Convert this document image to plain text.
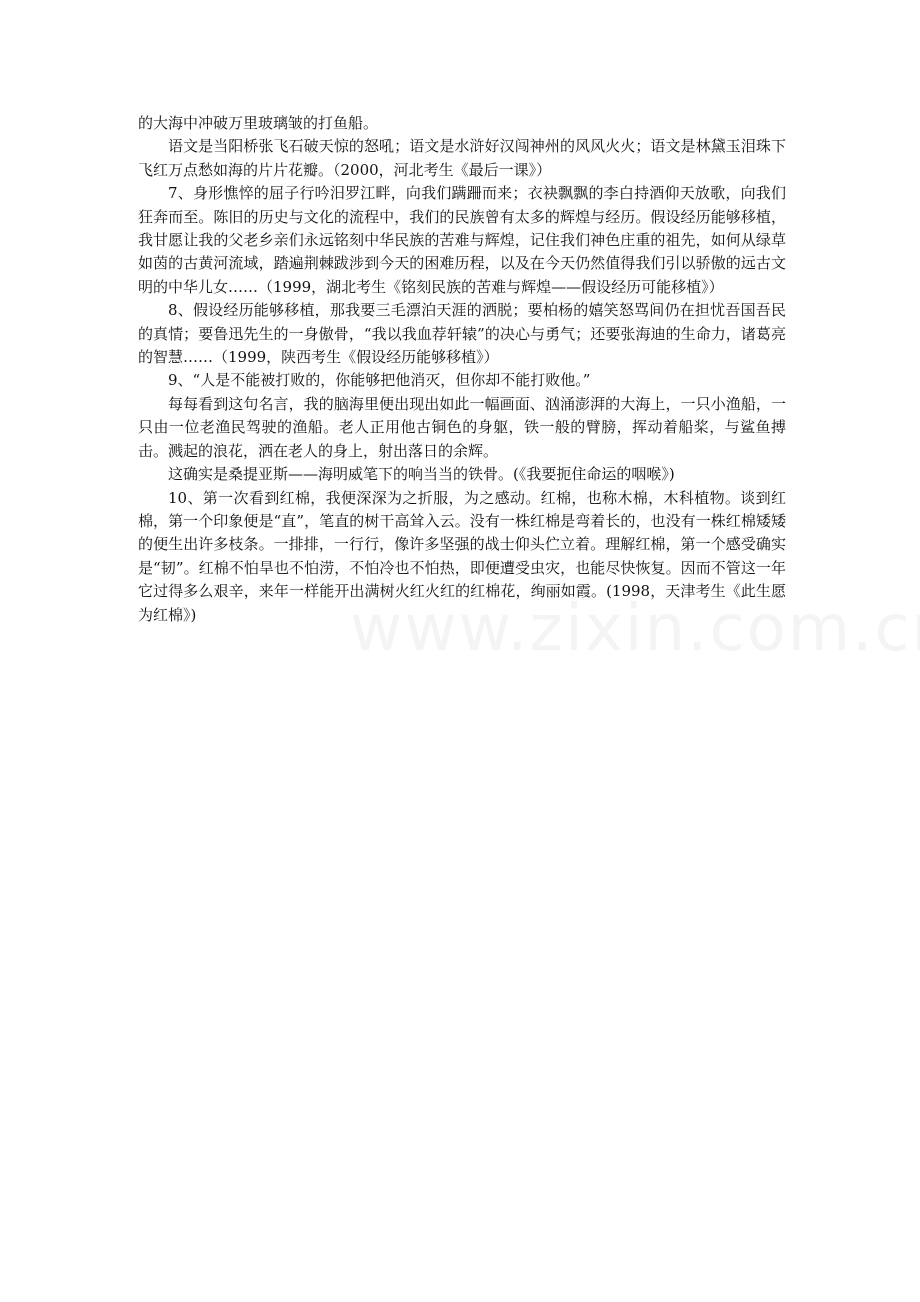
的大海中冲破万里玻璃皱的打鱼船。

语文是当阳桥张飞石破天惊的怒吼；语文是水浒好汉闯神州的风风火火；语文是林黛玉泪珠下飞红万点愁如海的片片花瓣。（2000，河北考生《最后一课》）

7、身形憔悴的屈子行吟汨罗江畔，向我们蹒跚而来；衣袂飘飘的李白持酒仰天放歌，向我们狂奔而至。陈旧的历史与文化的流程中，我们的民族曾有太多的辉煌与经历。假设经历能够移植，我甘愿让我的父老乡亲们永远铭刻中华民族的苦难与辉煌，记住我们神色庄重的祖先，如何从绿草如茵的古黄河流域，踏遍荆棘跋涉到今天的困难历程，以及在今天仍然值得我们引以骄傲的远古文明的中华儿女……（1999，湖北考生《铭刻民族的苦难与辉煌——假设经历可能移植》）

8、假设经历能够移植，那我要三毛漂泊天涯的洒脱；要柏杨的嬉笑怒骂间仍在担忧吾国吾民的真情；要鲁迅先生的一身傲骨，“我以我血荐轩辕”的决心与勇气；还要张海迪的生命力，诸葛亮的智慧……（1999，陕西考生《假设经历能够移植》）

9、“人是不能被打败的，你能够把他消灭，但你却不能打败他。”

每每看到这句名言，我的脑海里便出现出如此一幅画面、汹涌澎湃的大海上，一只小渔船，一只由一位老渔民驾驶的渔船。老人正用他古铜色的身躯，铁一般的臂膀，挥动着船桨，与鲨鱼搏击。溅起的浪花，洒在老人的身上，射出落日的余辉。

这确实是桑提亚斯——海明威笔下的响当当的铁骨。(《我要扼住命运的咽喉》)

10、第一次看到红棉，我便深深为之折服，为之感动。红棉，也称木棉，木科植物。谈到红棉，第一个印象便是“直”，笔直的树干高耸入云。没有一株红棉是弯着长的，也没有一株红棉矮矮的便生出许多枝条。一排排，一行行，像许多坚强的战士仰头伫立着。理解红棉，第一个感受确实是“韧”。红棉不怕旱也不怕涝，不怕冷也不怕热，即便遭受虫灾，也能尽快恢复。因而不管这一年它过得多么艰辛，来年一样能开出满树火红火红的红棉花，绚丽如霞。(1998，天津考生《此生愿为红棉》)
